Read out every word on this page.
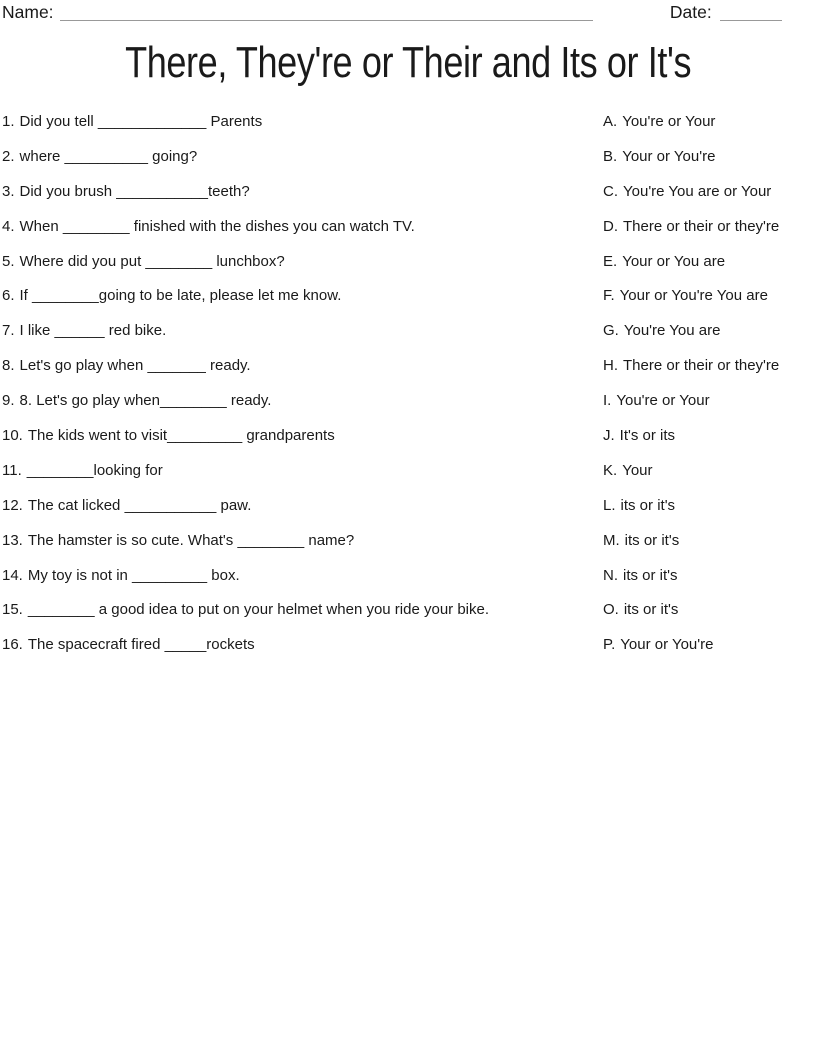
Name: ____________________________________________________________	Date: _______
There, They're or Their and Its or It's
1. Did you tell _____________ Parents	A. You're or Your
2. where __________ going?	B. Your or You're
3. Did you brush ___________teeth?	C. You're You are or Your
4. When ________ finished with the dishes you can watch TV.	D. There or their or they're
5. Where did you put ________ lunchbox?	E. Your or You are
6. If ________going to be late, please let me know.	F. Your or You're You are
7. I like ______ red bike.	G. You're You are
8. Let's go play when _______ ready.	H. There or their or they're
9. 8. Let's go play when________ ready.	I. You're or Your
10. The kids went to visit_________ grandparents	J. It's or its
11. ________looking for	K. Your
12. The cat licked ___________ paw.	L. its or it's
13. The hamster is so cute. What's ________ name?	M. its or it's
14. My toy is not in _________ box.	N. its or it's
15. ________ a good idea to put on your helmet when you ride your bike.	O. its or it's
16. The spacecraft fired _____rockets	P. Your or You're
